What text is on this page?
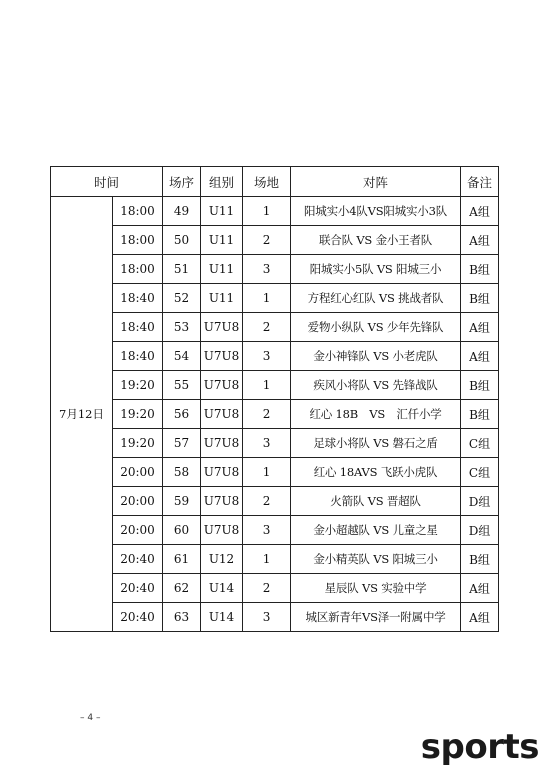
时间		场序	组别	场地	对阵	备注
7月12日	18:00	49	U11	1	阳城实小4队VS阳城实小3队	A组
	18:00	50	U11	2	联合队 VS 金小王者队	A组
	18:00	51	U11	3	阳城实小5队 VS 阳城三小	B组
	18:40	52	U11	1	方程红心红队 VS 挑战者队	B组
	18:40	53	U7U8	2	爱物小纵队 VS 少年先锋队	A组
	18:40	54	U7U8	3	金小神锋队 VS 小老虎队	A组
	19:20	55	U7U8	1	疾风小将队 VS 先锋战队	B组
	19:20	56	U7U8	2	红心 18B　VS　汇仟小学	B组
	19:20	57	U7U8	3	足球小将队 VS 磐石之盾	C组
	20:00	58	U7U8	1	红心 18AVS 飞跃小虎队	C组
	20:00	59	U7U8	2	火箭队 VS 晋超队	D组
	20:00	60	U7U8	3	金小超越队 VS 儿童之星	D组
	20:40	61	U12	1	金小精英队 VS 阳城三小	B组
	20:40	62	U14	2	星辰队 VS 实验中学	A组
	20:40	63	U14	3	城区新青年VS泽一附属中学	A组
– 4 –
sports
